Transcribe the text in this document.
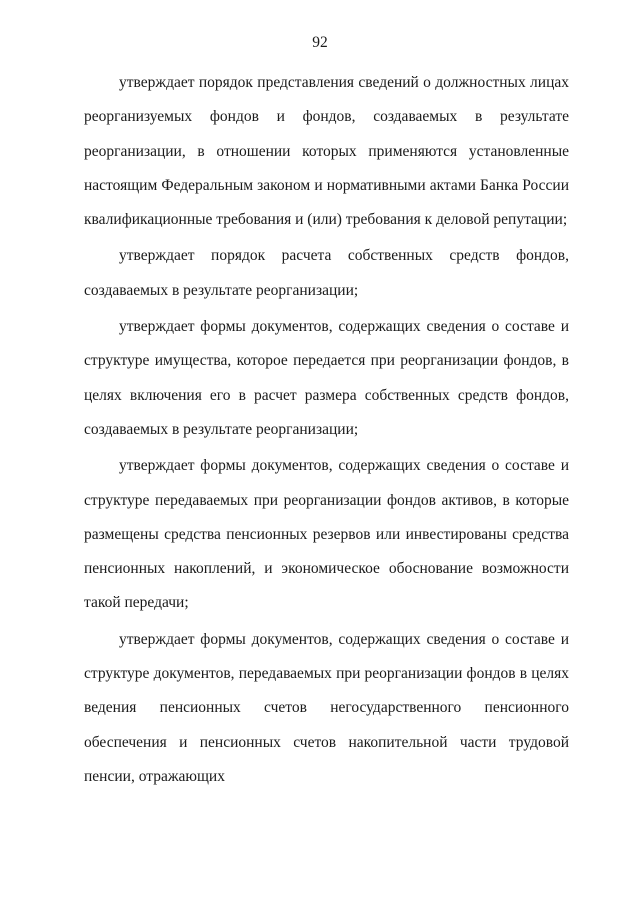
92

утверждает порядок представления сведений о должностных лицах реорганизуемых фондов и фондов, создаваемых в результате реорганизации, в отношении которых применяются установленные настоящим Федеральным законом и нормативными актами Банка России квалификационные требования и (или) требования к деловой репутации;

утверждает порядок расчета собственных средств фондов, создаваемых в результате реорганизации;

утверждает формы документов, содержащих сведения о составе и структуре имущества, которое передается при реорганизации фондов, в целях включения его в расчет размера собственных средств фондов, создаваемых в результате реорганизации;

утверждает формы документов, содержащих сведения о составе и структуре передаваемых при реорганизации фондов активов, в которые размещены средства пенсионных резервов или инвестированы средства пенсионных накоплений, и экономическое обоснование возможности такой передачи;

утверждает формы документов, содержащих сведения о составе и структуре документов, передаваемых при реорганизации фондов в целях ведения пенсионных счетов негосударственного пенсионного обеспечения и пенсионных счетов накопительной части трудовой пенсии, отражающих
